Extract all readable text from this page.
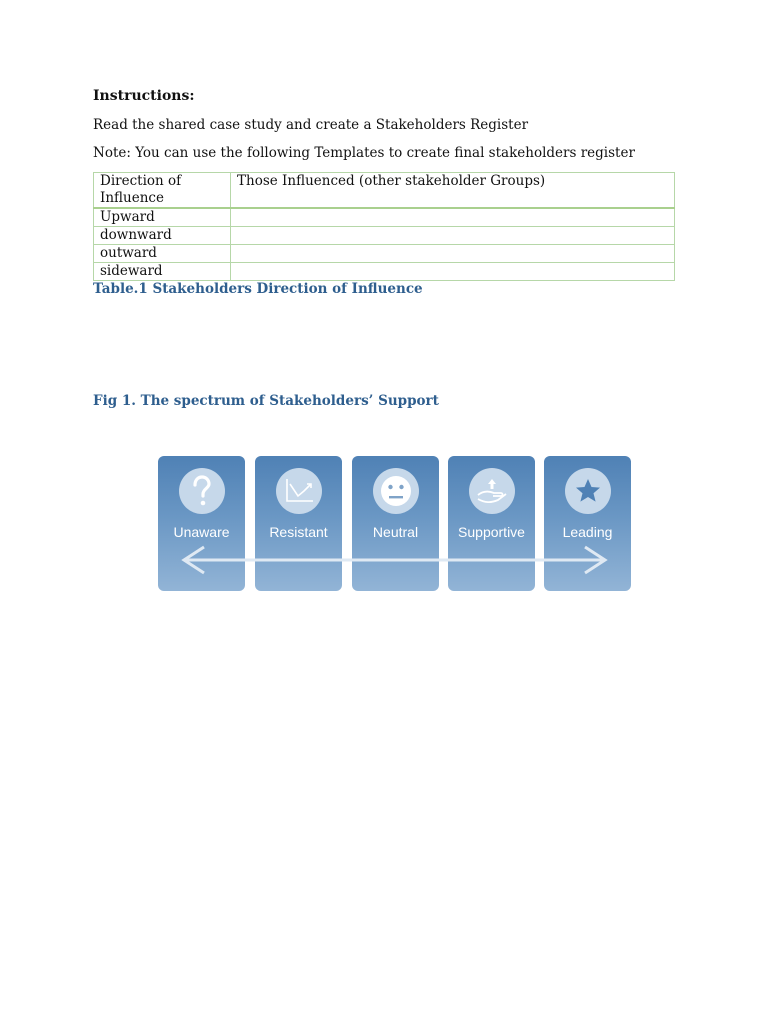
Instructions:
Read the shared case study and create a Stakeholders Register
Note: You can use the following Templates to create final stakeholders register
Direction of Influence	Those Influenced (other stakeholder Groups)
Upward	
downward	
outward	
sideward	
Table.1 Stakeholders Direction of Influence
Fig 1. The spectrum of Stakeholders’ Support
Unaware	Resistant	Neutral	Supportive	Leading
